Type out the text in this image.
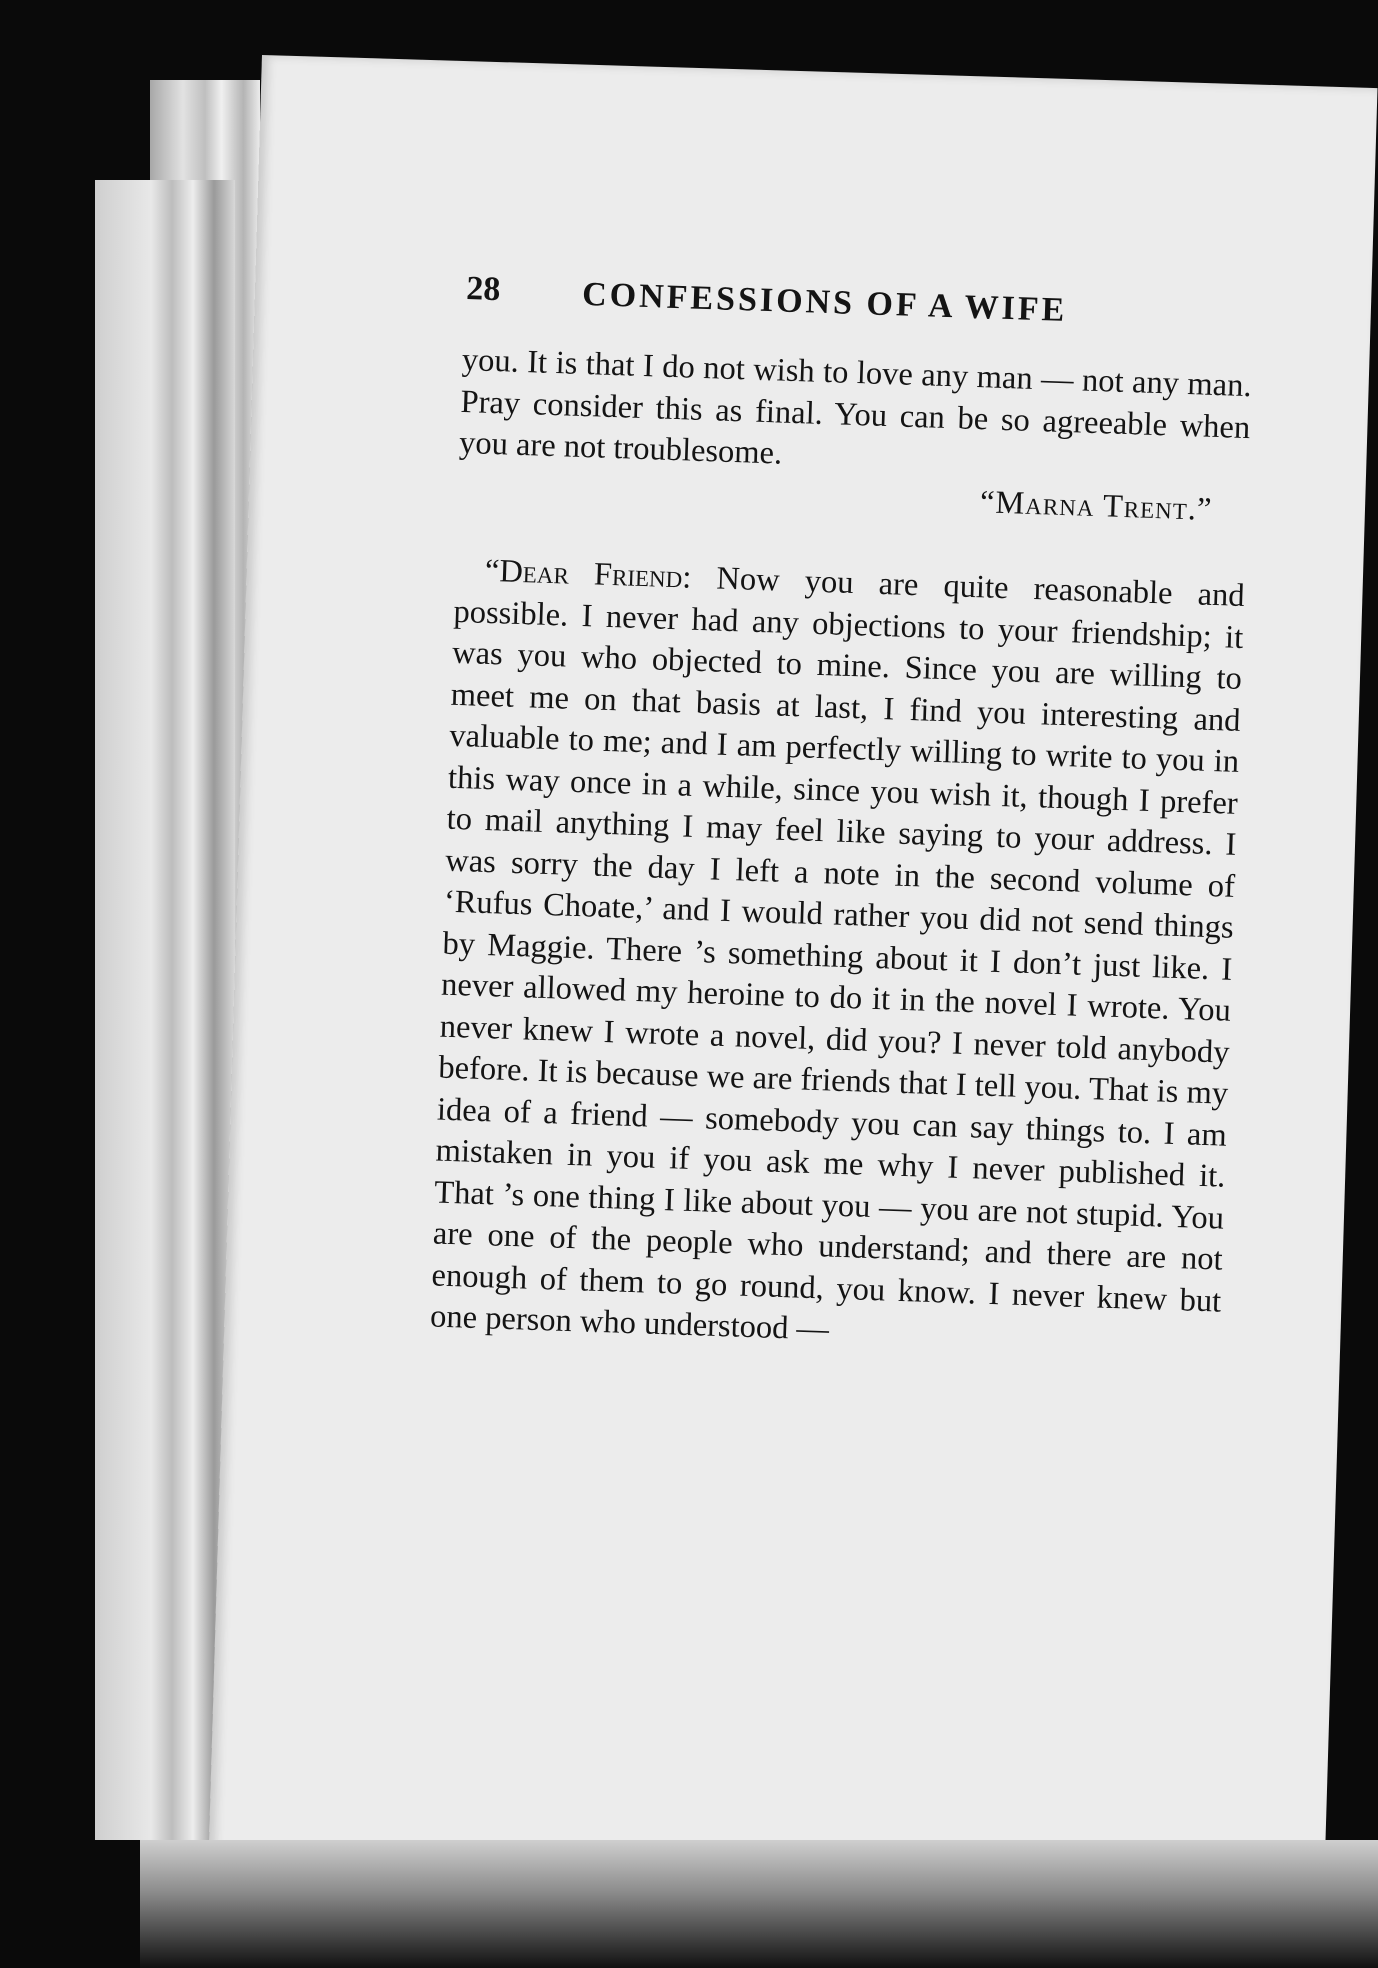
28 CONFESSIONS OF A WIFE

you. It is that I do not wish to love any man — not any man. Pray consider this as final. You can be so agreeable when you are not troublesome.

“Marna Trent.”

“Dear Friend: Now you are quite reasonable and possible. I never had any objections to your friendship; it was you who objected to mine. Since you are willing to meet me on that basis at last, I find you interesting and valuable to me; and I am perfectly willing to write to you in this way once in a while, since you wish it, though I prefer to mail anything I may feel like saying to your address. I was sorry the day I left a note in the second volume of ‘Rufus Choate,’ and I would rather you did not send things by Maggie. There ’s something about it I don’t just like. I never allowed my heroine to do it in the novel I wrote. You never knew I wrote a novel, did you? I never told anybody before. It is because we are friends that I tell you. That is my idea of a friend — somebody you can say things to. I am mistaken in you if you ask me why I never published it. That ’s one thing I like about you — you are not stupid. You are one of the people who understand; and there are not enough of them to go round, you know. I never knew but one person who understood —
